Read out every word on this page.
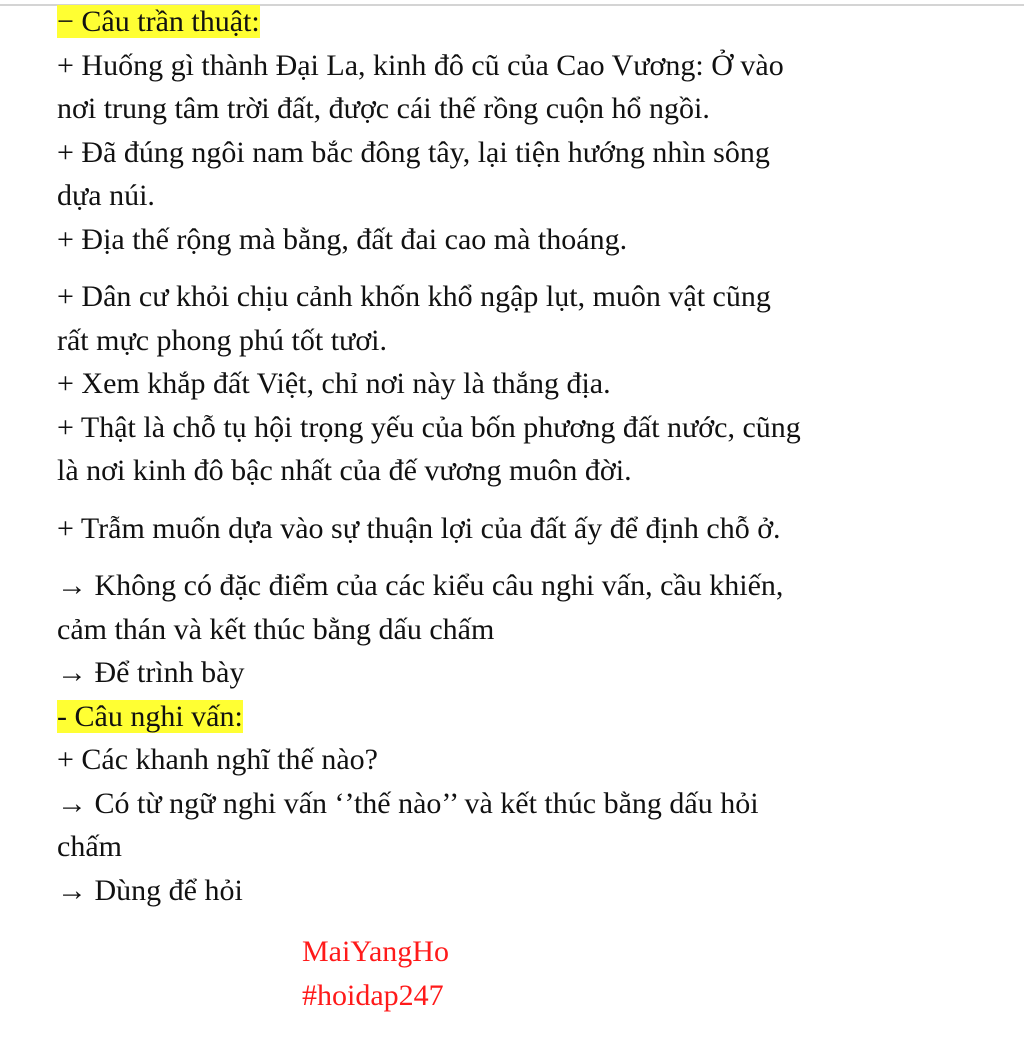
− Câu trần thuật:

+ Huống gì thành Đại La, kinh đô cũ của Cao Vương: Ở vào

nơi trung tâm trời đất, được cái thế rồng cuộn hổ ngồi.

+ Đã đúng ngôi nam bắc đông tây, lại tiện hướng nhìn sông

dựa núi.

+ Địa thế rộng mà bằng, đất đai cao mà thoáng.

+ Dân cư khỏi chịu cảnh khốn khổ ngập lụt, muôn vật cũng

rất mực phong phú tốt tươi.

+ Xem khắp đất Việt, chỉ nơi này là thắng địa.

+ Thật là chỗ tụ hội trọng yếu của bốn phương đất nước, cũng

là nơi kinh đô bậc nhất của đế vương muôn đời.

+ Trẫm muốn dựa vào sự thuận lợi của đất ấy để định chỗ ở.

→ Không có đặc điểm của các kiểu câu nghi vấn, cầu khiến,

cảm thán và kết thúc bằng dấu chấm

→ Để trình bày

- Câu nghi vấn:

+ Các khanh nghĩ thế nào?

→ Có từ ngữ nghi vấn ‘’thế nào’’ và kết thúc bằng dấu hỏi

chấm

→ Dùng để hỏi

MaiYangHo
#hoidap247
